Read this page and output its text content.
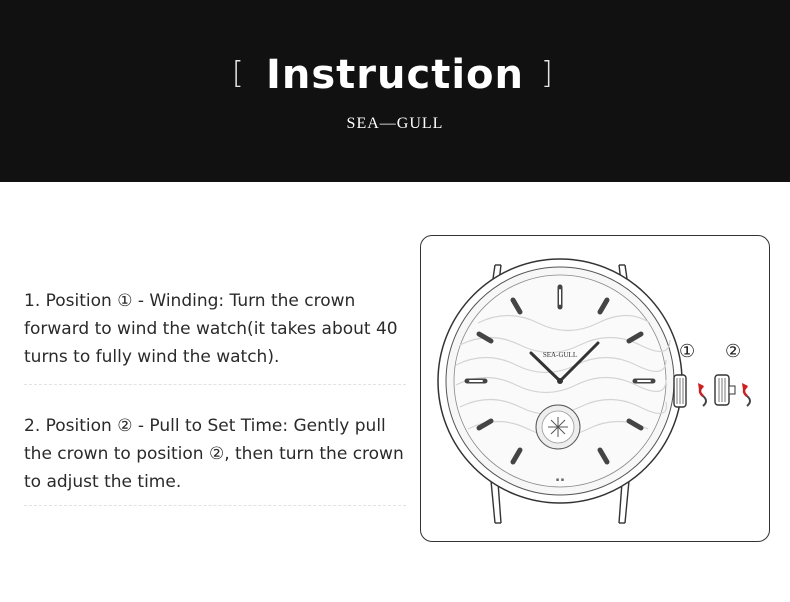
[ Instruction ]
SEA—GULL
1. Position ① - Winding: Turn the crown forward to wind the watch(it takes about 40 turns to fully wind the watch).
2. Position ② - Pull to Set Time: Gently pull the crown to position ②, then turn the crown to adjust the time.
SEA-GULL
▪ ▪
① ②
